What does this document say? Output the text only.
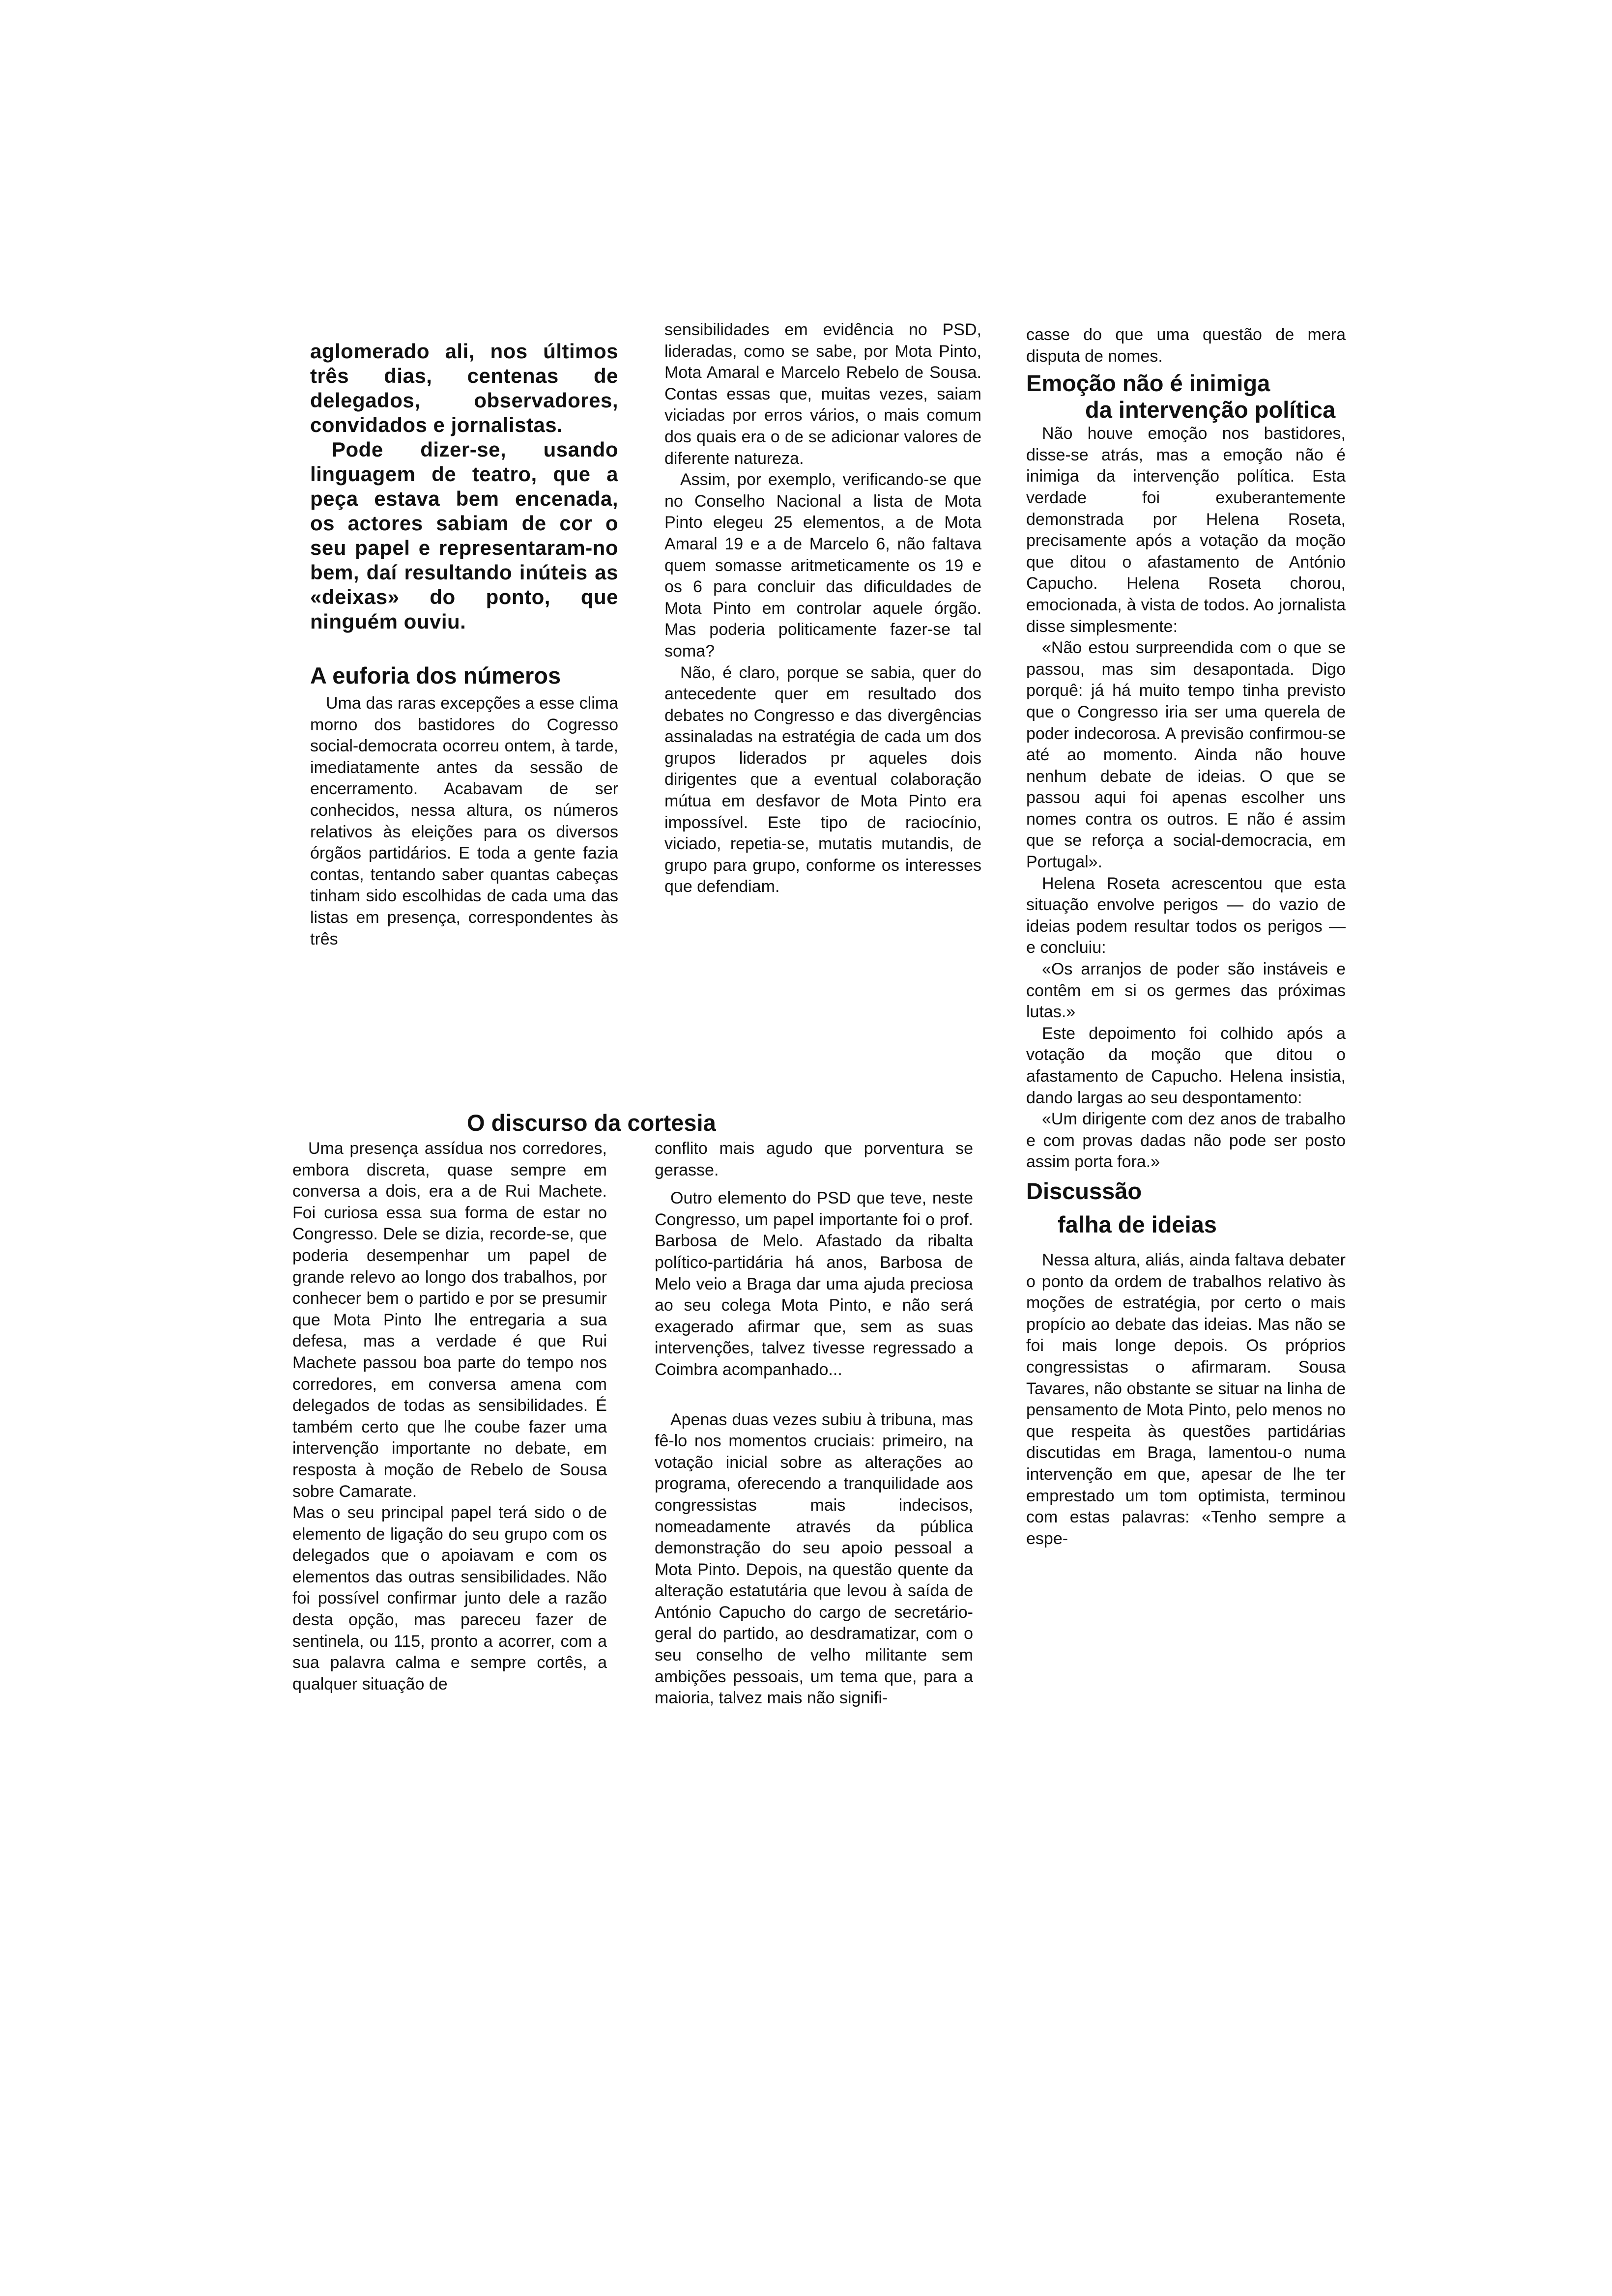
aglomerado ali, nos últimos três dias, centenas de delegados, observadores, convidados e jornalistas.

Pode dizer-se, usando linguagem de teatro, que a peça estava bem encenada, os actores sabiam de cor o seu papel e representaram-no bem, daí resultando inúteis as «deixas» do ponto, que ninguém ouviu.

A euforia dos números

Uma das raras excepções a esse clima morno dos bastidores do Cogresso social-democrata ocorreu ontem, à tarde, imediatamente antes da sessão de encerramento. Acabavam de ser conhecidos, nessa altura, os números relativos às eleições para os diversos órgãos partidários. E toda a gente fazia contas, tentando saber quantas cabeças tinham sido escolhidas de cada uma das listas em presença, correspondentes às três

O discurso da cortesia

Uma presença assídua nos corredores, embora discreta, quase sempre em conversa a dois, era a de Rui Machete. Foi curiosa essa sua forma de estar no Congresso. Dele se dizia, recorde-se, que poderia desempenhar um papel de grande relevo ao longo dos trabalhos, por conhecer bem o partido e por se presumir que Mota Pinto lhe entregaria a sua defesa, mas a verdade é que Rui Machete passou boa parte do tempo nos corredores, em conversa amena com delegados de todas as sensibilidades. É também certo que lhe coube fazer uma intervenção importante no debate, em resposta à moção de Rebelo de Sousa sobre Camarate.

Mas o seu principal papel terá sido o de elemento de ligação do seu grupo com os delegados que o apoiavam e com os elementos das outras sensibilidades. Não foi possível confirmar junto dele a razão desta opção, mas pareceu fazer de sentinela, ou 115, pronto a acorrer, com a sua palavra calma e sempre cortês, a qualquer situação de

sensibilidades em evidência no PSD, lideradas, como se sabe, por Mota Pinto, Mota Amaral e Marcelo Rebelo de Sousa. Contas essas que, muitas vezes, saiam viciadas por erros vários, o mais comum dos quais era o de se adicionar valores de diferente natureza.

Assim, por exemplo, verificando-se que no Conselho Nacional a lista de Mota Pinto elegeu 25 elementos, a de Mota Amaral 19 e a de Marcelo 6, não faltava quem somasse aritmeticamente os 19 e os 6 para concluir das dificuldades de Mota Pinto em controlar aquele órgão. Mas poderia politicamente fazer-se tal soma?

Não, é claro, porque se sabia, quer do antecedente quer em resultado dos debates no Congresso e das divergências assinaladas na estratégia de cada um dos grupos liderados pr aqueles dois dirigentes que a eventual colaboração mútua em desfavor de Mota Pinto era impossível. Este tipo de raciocínio, viciado, repetia-se, mutatis mutandis, de grupo para grupo, conforme os interesses que defendiam.

conflito mais agudo que porventura se gerasse.

Outro elemento do PSD que teve, neste Congresso, um papel importante foi o prof. Barbosa de Melo. Afastado da ribalta político-partidária há anos, Barbosa de Melo veio a Braga dar uma ajuda preciosa ao seu colega Mota Pinto, e não será exagerado afirmar que, sem as suas intervenções, talvez tivesse regressado a Coimbra acompanhado...

Apenas duas vezes subiu à tribuna, mas fê-lo nos momentos cruciais: primeiro, na votação inicial sobre as alterações ao programa, oferecendo a tranquilidade aos congressistas mais indecisos, nomeadamente através da pública demonstração do seu apoio pessoal a Mota Pinto. Depois, na questão quente da alteração estatutária que levou à saída de António Capucho do cargo de secretário-geral do partido, ao desdramatizar, com o seu conselho de velho militante sem ambições pessoais, um tema que, para a maioria, talvez mais não signifi-

casse do que uma questão de mera disputa de nomes.

Emoção não é inimiga
da intervenção política

Não houve emoção nos bastidores, disse-se atrás, mas a emoção não é inimiga da intervenção política. Esta verdade foi exuberantemente demonstrada por Helena Roseta, precisamente após a votação da moção que ditou o afastamento de António Capucho. Helena Roseta chorou, emocionada, à vista de todos. Ao jornalista disse simplesmente:

«Não estou surpreendida com o que se passou, mas sim desapontada. Digo porquê: já há muito tempo tinha previsto que o Congresso iria ser uma querela de poder indecorosa. A previsão confirmou-se até ao momento. Ainda não houve nenhum debate de ideias. O que se passou aqui foi apenas escolher uns nomes contra os outros. E não é assim que se reforça a social-democracia, em Portugal».

Helena Roseta acrescentou que esta situação envolve perigos — do vazio de ideias podem resultar todos os perigos — e concluiu:

«Os arranjos de poder são instáveis e contêm em si os germes das próximas lutas.»

Este depoimento foi colhido após a votação da moção que ditou o afastamento de Capucho. Helena insistia, dando largas ao seu despontamento:

«Um dirigente com dez anos de trabalho e com provas dadas não pode ser posto assim porta fora.»

Discussão
falha de ideias

Nessa altura, aliás, ainda faltava debater o ponto da ordem de trabalhos relativo às moções de estratégia, por certo o mais propício ao debate das ideias. Mas não se foi mais longe depois. Os próprios congressistas o afirmaram. Sousa Tavares, não obstante se situar na linha de pensamento de Mota Pinto, pelo menos no que respeita às questões partidárias discutidas em Braga, lamentou-o numa intervenção em que, apesar de lhe ter emprestado um tom optimista, terminou com estas palavras: «Tenho sempre a espe-
